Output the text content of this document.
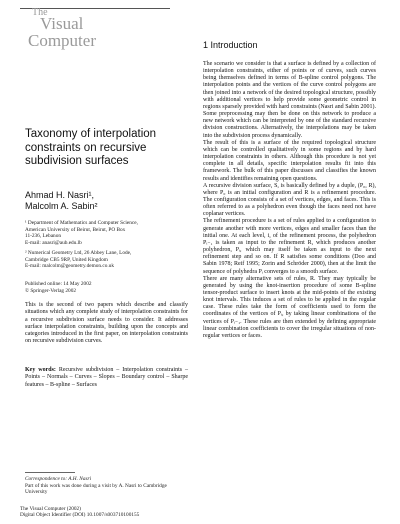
The
Visual
Computer
Taxonomy of interpolation constraints on recursive subdivision surfaces
Ahmad H. Nasri¹,
Malcolm A. Sabin²
¹ Department of Mathematics and Computer Science,
American University of Beirut, Beirut, PO Box
11-236, Lebanon
E-mail: anasri@aub.edu.lb
² Numerical Geometry Ltd, 26 Abbey Lane, Lode,
Cambridge CB5 9RP, United Kingdom
E-mail: malcolm@geometry.demon.co.uk
Published online: 14 May 2002
© Springer-Verlag 2002
This is the second of two papers which describe and classify situations which any complete study of interpolation constraints for a recursive subdivision surface needs to consider. It addresses surface interpolation constraints, building upon the concepts and categories introduced in the first paper, on interpolation constraints on recursive subdivision curves.
Key words: Recursive subdivision – Interpolation constraints – Points – Normals – Curves – Slopes – Boundary control – Sharpe features – B-spline – Surfaces
Correspondence to: A.H. Nasri
Part of this work was done during a visit by A. Nasri to Cambridge University
The Visual Computer (2002)
Digital Object Identifier (DOI) 10.1007/s003710100155
1 Introduction

The scenario we consider is that a surface is defined by a collection of interpolation constraints, either of points or of curves, such curves being themselves defined in terms of B-spline control polygons. The interpolation points and the vertices of the curve control polygons are then joined into a network of the desired topological structure, possibly with additional vertices to help provide some geometric control in regions sparsely provided with hard constraints (Nasri and Sabin 2001). Some preprocessing may then be done on this network to produce a new network which can be interpreted by one of the standard recursive division constructions. Alternatively, the interpolations may be taken into the subdivision process dynamically.

The result of this is a surface of the required topological structure which can be controlled qualitatively in some regions and by hard interpolation constraints in others. Although this procedure is not yet complete in all details, specific interpolation results fit into this framework. The bulk of this paper discusses and classifies the known results and identifies remaining open questions.

A recursive division surface, S, is basically defined by a duple, (P₀, R), where P₀ is an initial configuration and R is a refinement procedure. The configuration consists of a set of vertices, edges, and faces. This is often referred to as a polyhedron even though the faces need not have coplanar vertices.

The refinement procedure is a set of rules applied to a configuration to generate another with more vertices, edges and smaller faces than the initial one. At each level, i, of the refinement process, the polyhedron Pᵢ₋₁ is taken as input to the refinement R, which produces another polyhedron, Pᵢ, which may itself be taken as input to the next refinement step and so on. If R satisfies some conditions (Doo and Sabin 1978; Reif 1995; Zorin and Schröder 2000), then at the limit the sequence of polyhedra Pᵢ converges to a smooth surface.

There are many alternative sets of rules, R. They may typically be generated by using the knot-insertion procedure of some B-spline tensor-product surface to insert knots at the mid-points of the existing knot intervals. This induces a set of rules to be applied in the regular case. These rules take the form of coefficients used to form the coordinates of the vertices of Pᵢ, by taking linear combinations of the vertices of Pᵢ₋₁. These rules are then extended by defining appropriate linear combination coefficients to cover the irregular situations of non-regular vertices or faces.
